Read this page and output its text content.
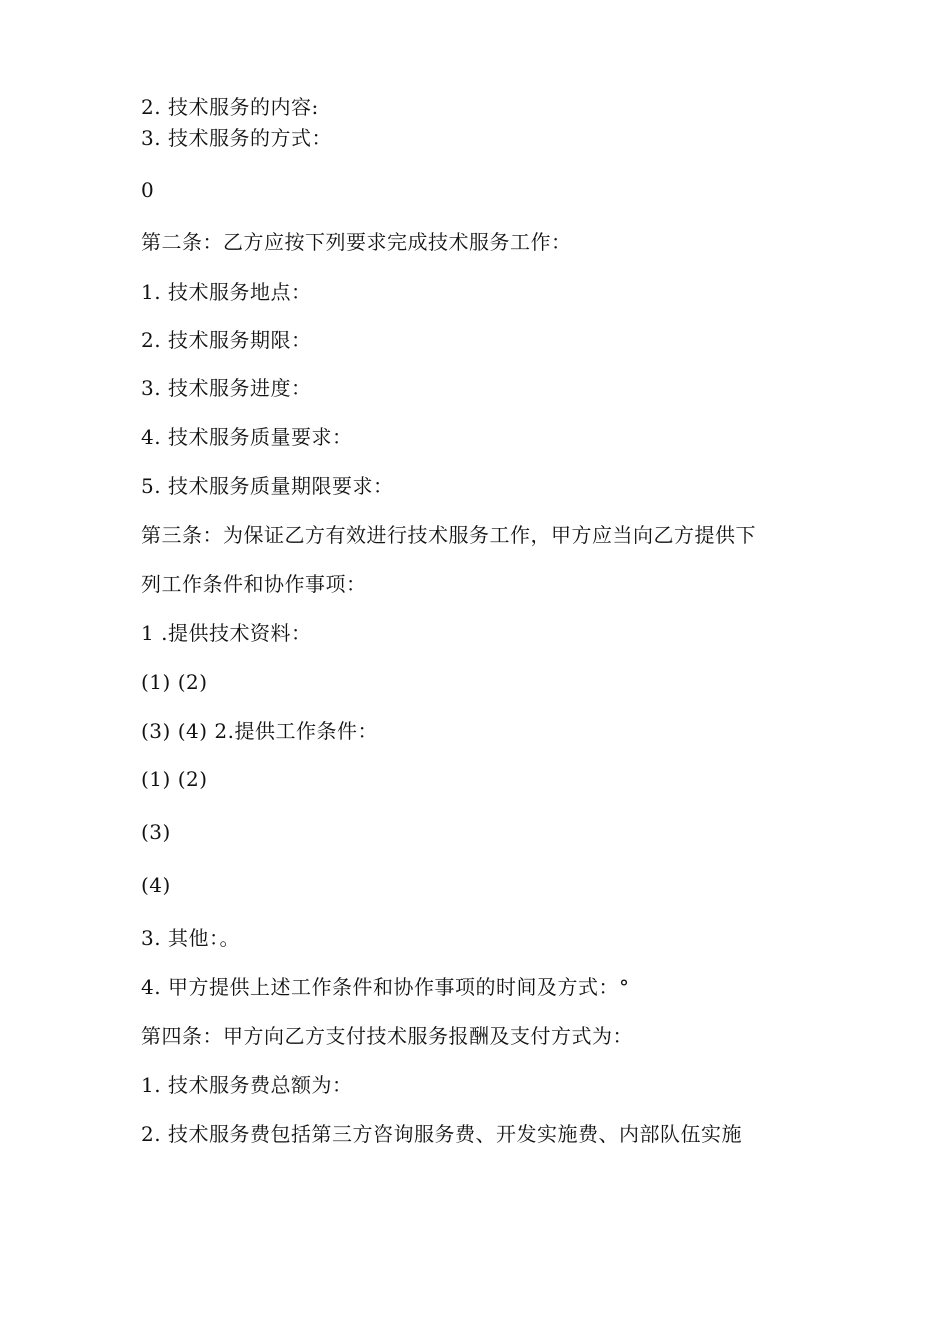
2. 技术服务的内容:
3. 技术服务的方式：
0
第二条：乙方应按下列要求完成技术服务工作：
1. 技术服务地点：
2. 技术服务期限：
3. 技术服务进度：
4. 技术服务质量要求：
5. 技术服务质量期限要求：
第三条：为保证乙方有效进行技术服务工作，甲方应当向乙方提供下
列工作条件和协作事项：
1 .提供技术资料：
(1) (2)
(3) (4) 2.提供工作条件：
(1) (2)
(3)
(4)
3. 其他：。
4. 甲方提供上述工作条件和协作事项的时间及方式：°
第四条：甲方向乙方支付技术服务报酬及支付方式为：
1. 技术服务费总额为：
2. 技术服务费包括第三方咨询服务费、开发实施费、内部队伍实施
